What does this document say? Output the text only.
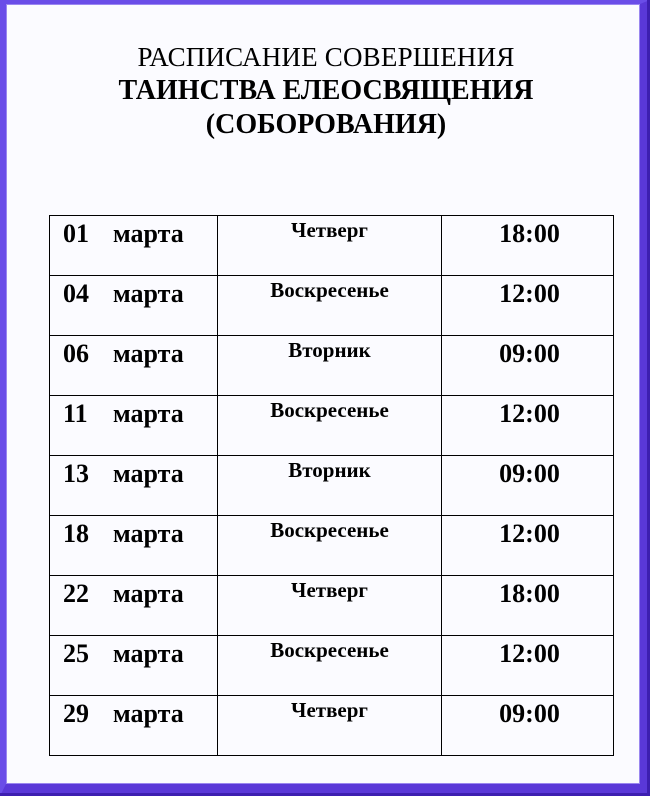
РАСПИСАНИЕ СОВЕРШЕНИЯ
ТАИНСТВА ЕЛЕОСВЯЩЕНИЯ
(СОБОРОВАНИЯ)
01 марта	Четверг	18:00

04 марта	Воскресенье	12:00

06 марта	Вторник	09:00

11 марта	Воскресенье	12:00

13 марта	Вторник	09:00

18 марта	Воскресенье	12:00

22 марта	Четверг	18:00

25 марта	Воскресенье	12:00

29 марта	Четверг	09:00
